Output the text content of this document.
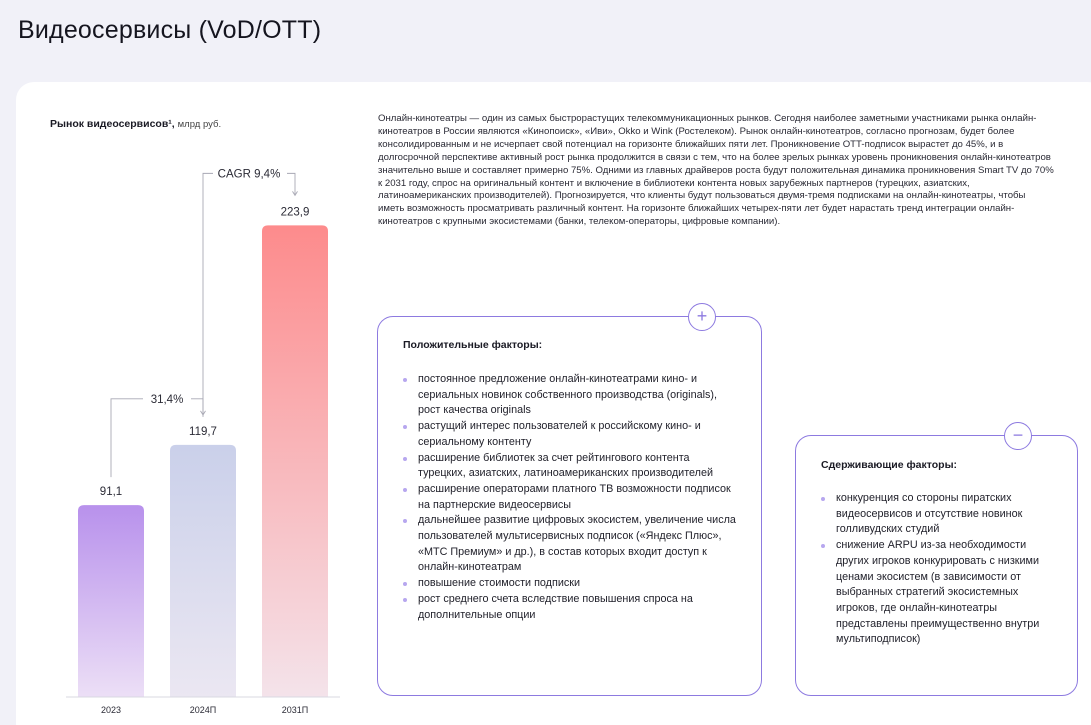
Видеосервисы (VoD/OTT)
Рынок видеосервисов¹, млрд руб.
91,1
2023
119,7
2024П
223,9
2031П
31,4%
CAGR 9,4%
Онлайн-кинотеатры — один из самых быстрорастущих телекоммуникационных рынков. Сегодня наиболее заметными участниками рынка онлайн-кинотеатров в России являются «Кинопоиск», «Иви», Okko и Wink (Ростелеком). Рынок онлайн-кинотеатров, согласно прогнозам, будет более консолидированным и не исчерпает свой потенциал на горизонте ближайших пяти лет. Проникновение OTT-подписок вырастет до 45%, и в долгосрочной перспективе активный рост рынка продолжится в связи с тем, что на более зрелых рынках уровень проникновения онлайн-кинотеатров значительно выше и составляет примерно 75%. Одними из главных драйверов роста будут положительная динамика проникновения Smart TV до 70% к 2031 году, спрос на оригинальный контент и включение в библиотеки контента новых зарубежных партнеров (турецких, азиатских, латиноамериканских производителей). Прогнозируется, что клиенты будут пользоваться двумя-тремя подписками на онлайн-кинотеатры, чтобы иметь возможность просматривать различный контент. На горизонте ближайших четырех-пяти лет будет нарастать тренд интеграции онлайн-кинотеатров с крупными экосистемами (банки, телеком-операторы, цифровые компании).
+
Положительные факторы:
постоянное предложение онлайн-кинотеатрами кино- и сериальных новинок собственного производства (originals), рост качества originals
растущий интерес пользователей к российскому кино- и сериальному контенту
расширение библиотек за счет рейтингового контента турецких, азиатских, латиноамериканских производителей
расширение операторами платного ТВ возможности подписок на партнерские видеосервисы
дальнейшее развитие цифровых экосистем, увеличение числа пользователей мультисервисных подписок («Яндекс Плюс», «МТС Премиум» и др.), в состав которых входит доступ к онлайн-кинотеатрам
повышение стоимости подписки
рост среднего счета вследствие повышения спроса на дополнительные опции
−
Сдерживающие факторы:
конкуренция со стороны пиратских видеосервисов и отсутствие новинок голливудских студий
снижение ARPU из-за необходимости других игроков конкурировать с низкими ценами экосистем (в зависимости от выбранных стратегий экосистемных игроков, где онлайн-кинотеатры представлены преимущественно внутри мультиподписок)
